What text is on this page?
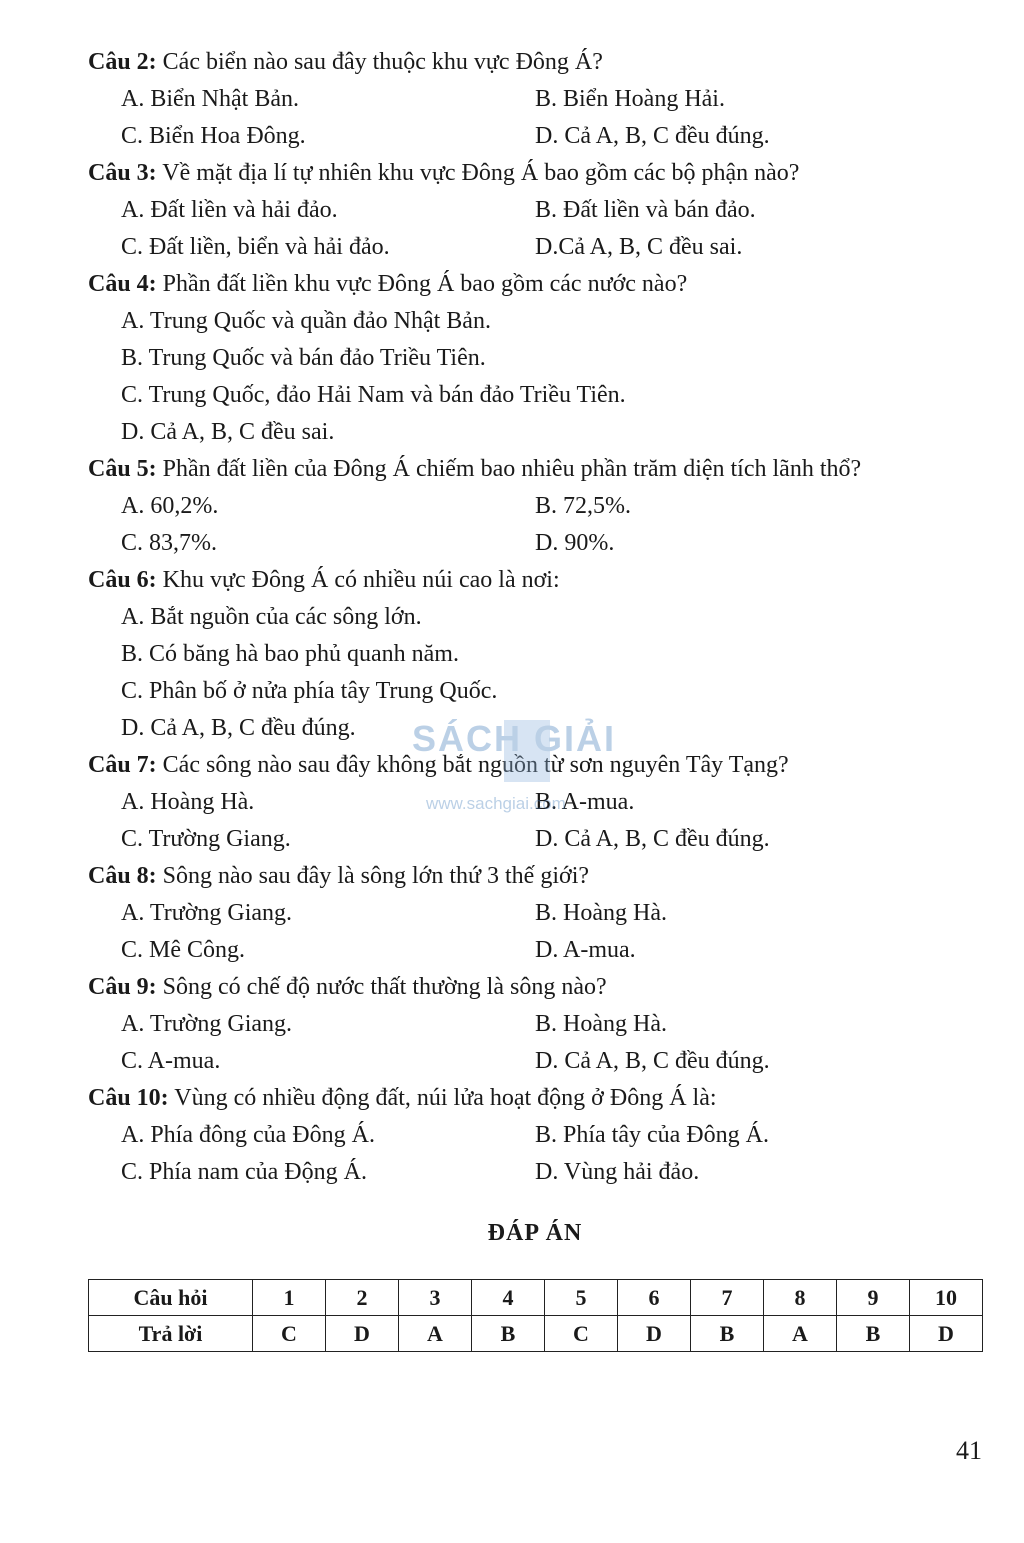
Câu 2: Các biển nào sau đây thuộc khu vực Đông Á?
A. Biển Nhật Bản.	B. Biển Hoàng Hải.
C. Biển Hoa Đông.	D. Cả A, B, C đều đúng.
Câu 3: Về mặt địa lí tự nhiên khu vực Đông Á bao gồm các bộ phận nào?
A. Đất liền và hải đảo.	B. Đất liền và bán đảo.
C. Đất liền, biển và hải đảo.	D.Cả A, B, C đều sai.
Câu 4: Phần đất liền khu vực Đông Á bao gồm các nước nào?
A. Trung Quốc và quần đảo Nhật Bản.
B. Trung Quốc và bán đảo Triều Tiên.
C. Trung Quốc, đảo Hải Nam và bán đảo Triều Tiên.
D. Cả A, B, C đều sai.
Câu 5: Phần đất liền của Đông Á chiếm bao nhiêu phần trăm diện tích lãnh thổ?
A. 60,2%.	B. 72,5%.
C. 83,7%.	D. 90%.
Câu 6: Khu vực Đông Á có nhiều núi cao là nơi:
A. Bắt nguồn của các sông lớn.
B. Có băng hà bao phủ quanh năm.
C. Phân bố ở nửa phía tây Trung Quốc.
D. Cả A, B, C đều đúng.
Câu 7: Các sông nào sau đây không bắt nguồn từ sơn nguyên Tây Tạng?
A. Hoàng Hà.	B. A-mua.
C. Trường Giang.	D. Cả A, B, C đều đúng.
Câu 8: Sông nào sau đây là sông lớn thứ 3 thế giới?
A. Trường Giang.	B. Hoàng Hà.
C. Mê Công.	D. A-mua.
Câu 9: Sông có chế độ nước thất thường là sông nào?
A. Trường Giang.	B. Hoàng Hà.
C. A-mua.	D. Cả A, B, C đều đúng.
Câu 10: Vùng có nhiều động đất, núi lửa hoạt động ở Đông Á là:
A. Phía đông của Đông Á.	B. Phía tây của Đông Á.
C. Phía nam của Động Á.	D. Vùng hải đảo.
ĐÁP ÁN
Câu hỏi	1	2	3	4	5	6	7	8	9	10
Trả lời	C	D	A	B	C	D	B	A	B	D
SÁCH GIẢI
www.sachgiai.com
41
